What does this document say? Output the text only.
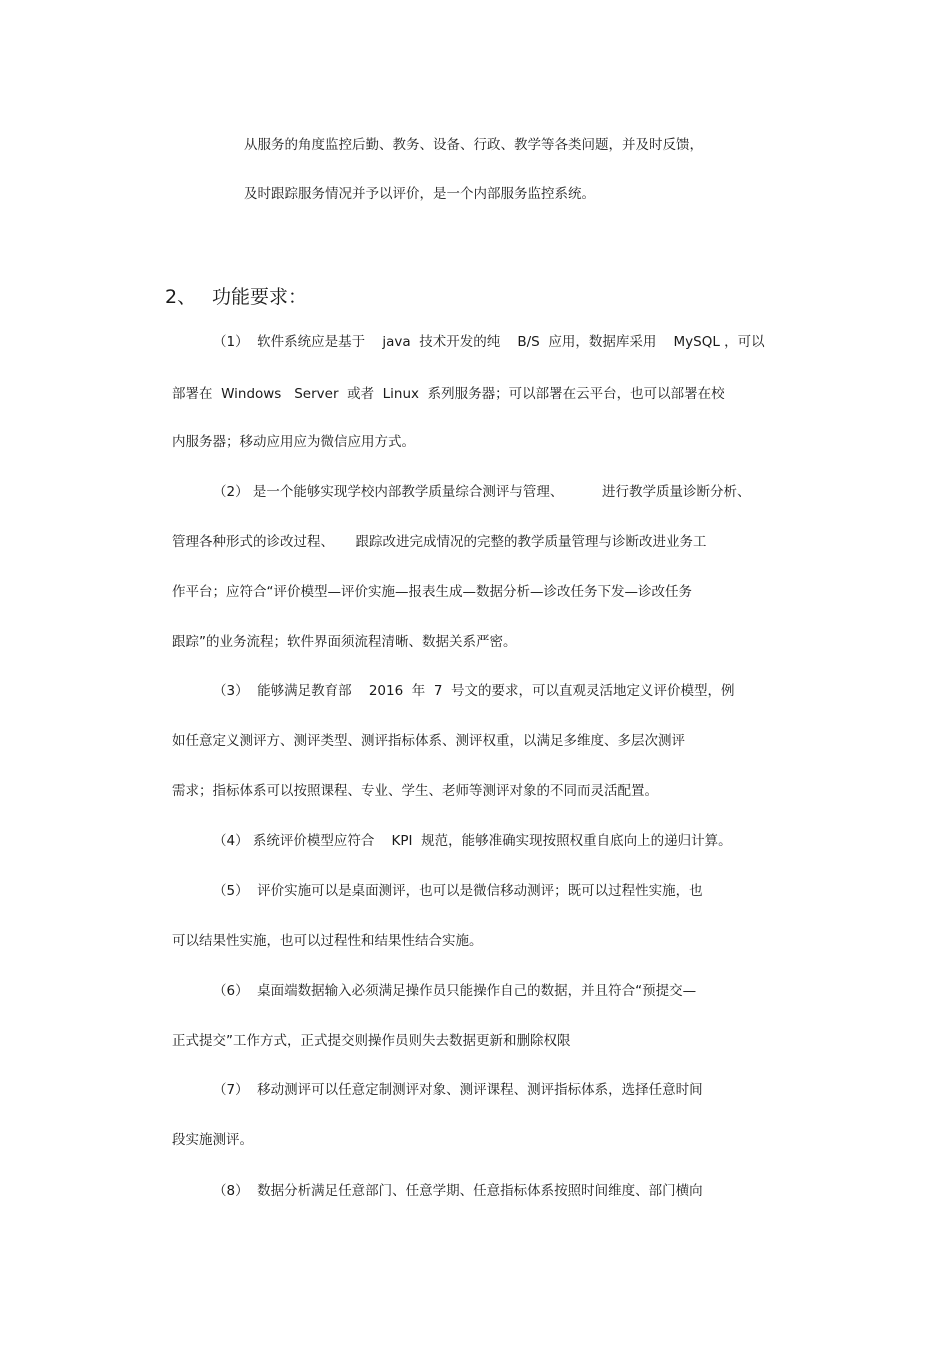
从服务的角度监控后勤、教务、设备、行政、教学等各类问题，并及时反馈，
及时跟踪服务情况并予以评价，是一个内部服务监控系统。
2、 功能要求：
（1）  软件系统应是基于    java  技术开发的纯    B/S  应用，数据库采用    MySQL ，可以
部署在  Windows   Server  或者  Linux  系列服务器；可以部署在云平台，也可以部署在校
内服务器；移动应用应为微信应用方式。
（2） 是一个能够实现学校内部教学质量综合测评与管理、         进行教学质量诊断分析、
管理各种形式的诊改过程、     跟踪改进完成情况的完整的教学质量管理与诊断改进业务工
作平台；应符合“评价模型—评价实施—报表生成—数据分析—诊改任务下发—诊改任务
跟踪”的业务流程；软件界面须流程清晰、数据关系严密。
（3）  能够满足教育部    2016  年  7  号文的要求，可以直观灵活地定义评价模型，例
如任意定义测评方、测评类型、测评指标体系、测评权重，以满足多维度、多层次测评
需求；指标体系可以按照课程、专业、学生、老师等测评对象的不同而灵活配置。
（4） 系统评价模型应符合    KPI  规范，能够准确实现按照权重自底向上的递归计算。
（5）  评价实施可以是桌面测评，也可以是微信移动测评；既可以过程性实施，也
可以结果性实施，也可以过程性和结果性结合实施。
（6）  桌面端数据输入必须满足操作员只能操作自己的数据，并且符合“预提交—
正式提交”工作方式，正式提交则操作员则失去数据更新和删除权限
（7）  移动测评可以任意定制测评对象、测评课程、测评指标体系，选择任意时间
段实施测评。
（8）  数据分析满足任意部门、任意学期、任意指标体系按照时间维度、部门横向
